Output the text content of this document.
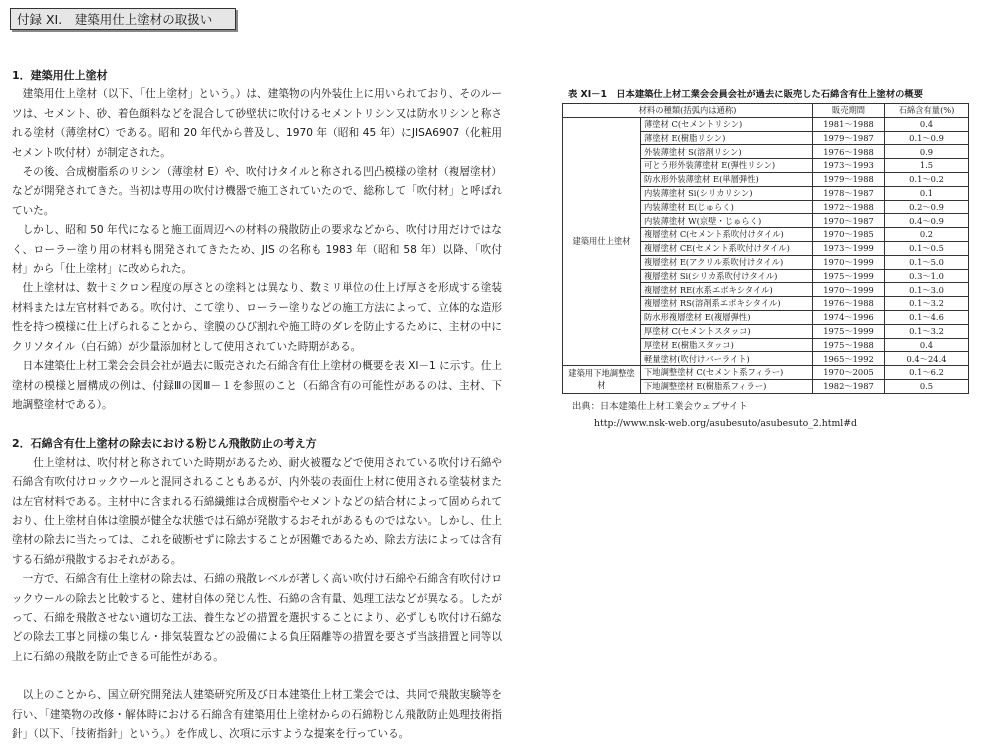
付録 XI.　建築用仕上塗材の取扱い
1．建築用仕上塗材

建築用仕上塗材（以下、「仕上塗材」という。）は、建築物の内外装仕上に用いられており、そのルーツは、セメント、砂、着色顔料などを混合して砂壁状に吹付けるセメントリシン又は防水リシンと称される塗材（薄塗材C）である。昭和 20 年代から普及し、1970 年（昭和 45 年）にJISA6907（化粧用セメント吹付材）が制定された。

その後、合成樹脂系のリシン（薄塗材 E）や、吹付けタイルと称される凹凸模様の塗材（複層塗材）などが開発されてきた。当初は専用の吹付け機器で施工されていたので、総称して「吹付材」と呼ばれていた。

しかし、昭和 50 年代になると施工面周辺への材料の飛散防止の要求などから、吹付け用だけではなく、ローラー塗り用の材料も開発されてきたため、JIS の名称も 1983 年（昭和 58 年）以降、「吹付材」から「仕上塗材」に改められた。

仕上塗材は、数十ミクロン程度の厚さとの塗料とは異なり、数ミリ単位の仕上げ厚さを形成する塗装材料または左官材料である。吹付け、こて塗り、ローラー塗りなどの施工方法によって、立体的な造形性を持つ模様に仕上げられることから、塗膜のひび割れや施工時のダレを防止するために、主材の中にクリソタイル（白石綿）が少量添加材として使用されていた時期がある。

日本建築仕上材工業会会員会社が過去に販売された石綿含有仕上塗材の概要を表 XI－1 に示す。仕上塗材の模様と層構成の例は、付録Ⅲの図Ⅲ－１を参照のこと（石綿含有の可能性があるのは、主材、下地調整塗材である）。

2．石綿含有仕上塗材の除去における粉じん飛散防止の考え方

　仕上塗材は、吹付材と称されていた時期があるため、耐火被覆などで使用されている吹付け石綿や石綿含有吹付けロックウールと混同されることもあるが、内外装の表面仕上材に使用される塗装材または左官材料である。主材中に含まれる石綿繊維は合成樹脂やセメントなどの結合材によって固められており、仕上塗材自体は塗膜が健全な状態では石綿が発散するおそれがあるものではない。しかし、仕上塗材の除去に当たっては、これを破断せずに除去することが困難であるため、除去方法によっては含有する石綿が飛散するおそれがある。

一方で、石綿含有仕上塗材の除去は、石綿の飛散レベルが著しく高い吹付け石綿や石綿含有吹付けロックウールの除去と比較すると、建材自体の発じん性、石綿の含有量、処理工法などが異なる。したがって、石綿を飛散させない適切な工法、養生などの措置を選択することにより、必ずしも吹付け石綿などの除去工事と同様の集じん・排気装置などの設備による負圧隔離等の措置を要さず当該措置と同等以上に石綿の飛散を防止できる可能性がある。

以上のことから、国立研究開発法人建築研究所及び日本建築仕上材工業会では、共同で飛散実験等を行い、「建築物の改修・解体時における石綿含有建築用仕上塗材からの石綿粉じん飛散防止処理技術指針」（以下、「技術指針」という。）を作成し、次項に示すような提案を行っている。

表 XI－1　日本建築仕上材工業会会員会社が過去に販売した石綿含有仕上塗材の概要
材料の種類(括弧内は通称)		販売期間	石綿含有量(%)
建築用仕上塗材	薄塗材 C(セメントリシン)	1981～1988	0.4
	薄塗材 E(樹脂リシン)	1979～1987	0.1～0.9
	外装薄塗材 S(溶剤リシン)	1976～1988	0.9
	可とう形外装薄塗材 E(弾性リシン)	1973～1993	1.5
	防水形外装薄塗材 E(単層弾性)	1979～1988	0.1～0.2
	内装薄塗材 Si(シリカリシン)	1978～1987	0.1
	内装薄塗材 E(じゅらく)	1972～1988	0.2～0.9
	内装薄塗材 W(京壁・じゅらく)	1970～1987	0.4～0.9
	複層塗材 C(セメント系吹付けタイル)	1970～1985	0.2
	複層塗材 CE(セメント系吹付けタイル)	1973～1999	0.1～0.5
	複層塗材 E(アクリル系吹付けタイル)	1970～1999	0.1～5.0
	複層塗材 Si(シリカ系吹付けタイル)	1975～1999	0.3～1.0
	複層塗材 RE(水系エポキシタイル)	1970～1999	0.1～3.0
	複層塗材 RS(溶剤系エポキシタイル)	1976～1988	0.1～3.2
	防水形複層塗材 E(複層弾性)	1974～1996	0.1～4.6
	厚塗材 C(セメントスタッコ)	1975～1999	0.1～3.2
	厚塗材 E(樹脂スタッコ)	1975～1988	0.4
	軽量塗材(吹付けバーライト)	1965～1992	0.4～24.4
建築用下地調整塗材	下地調整塗材 C(セメント系フィラー)	1970～2005	0.1～6.2
	下地調整塗材 E(樹脂系フィラー)	1982～1987	0.5
出典：日本建築仕上材工業会ウェブサイト
http://www.nsk-web.org/asubesuto/asubesuto_2.html#d
